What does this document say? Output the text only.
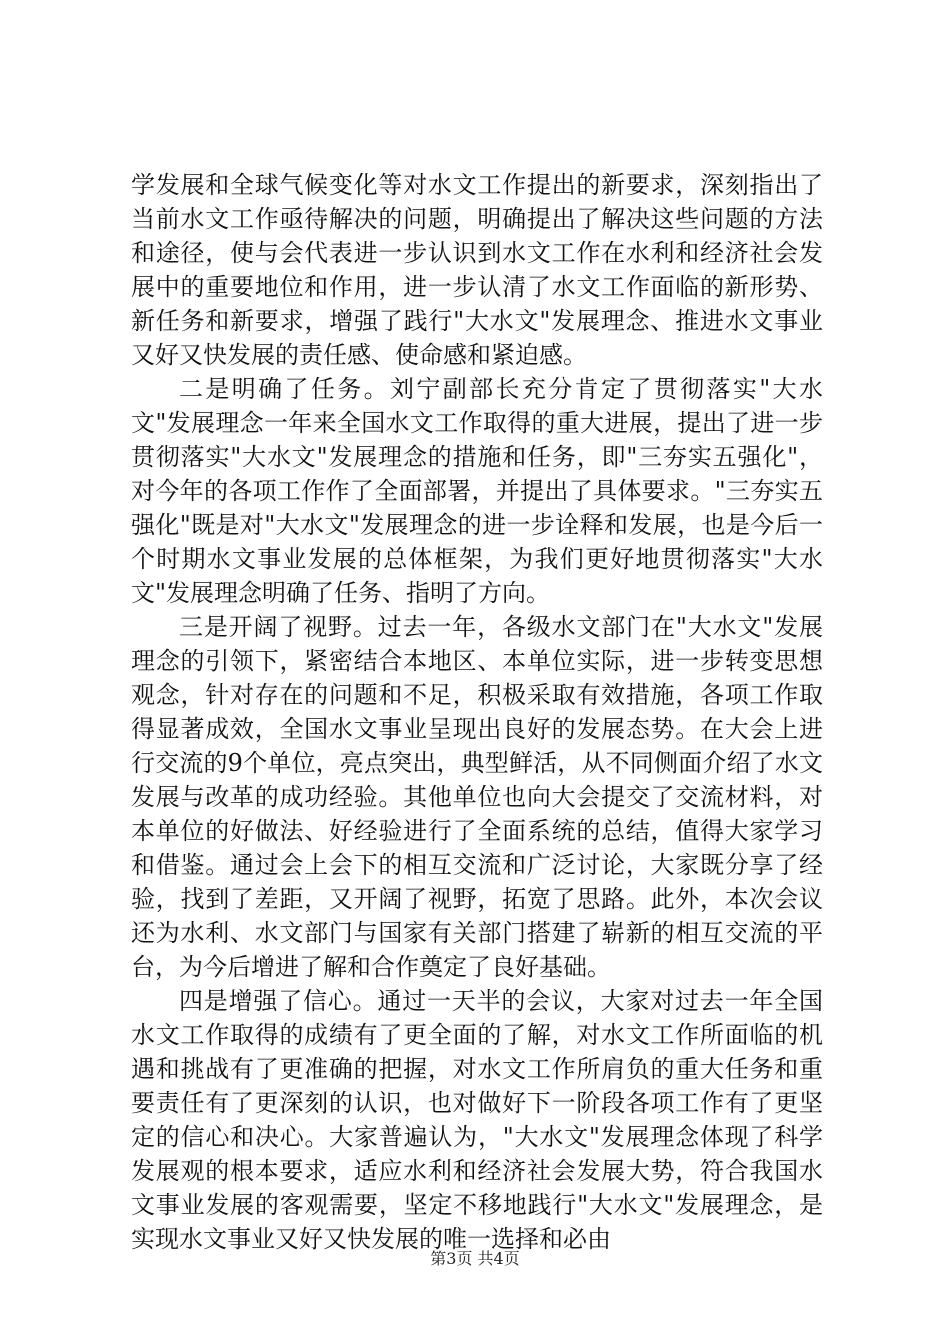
学发展和全球气候变化等对水文工作提出的新要求，深刻指出了当前水文工作亟待解决的问题，明确提出了解决这些问题的方法和途径，使与会代表进一步认识到水文工作在水利和经济社会发展中的重要地位和作用，进一步认清了水文工作面临的新形势、新任务和新要求，增强了践行"大水文"发展理念、推进水文事业又好又快发展的责任感、使命感和紧迫感。

二是明确了任务。刘宁副部长充分肯定了贯彻落实"大水文"发展理念一年来全国水文工作取得的重大进展，提出了进一步贯彻落实"大水文"发展理念的措施和任务，即"三夯实五强化"，对今年的各项工作作了全面部署，并提出了具体要求。"三夯实五强化"既是对"大水文"发展理念的进一步诠释和发展，也是今后一个时期水文事业发展的总体框架，为我们更好地贯彻落实"大水文"发展理念明确了任务、指明了方向。

三是开阔了视野。过去一年，各级水文部门在"大水文"发展理念的引领下，紧密结合本地区、本单位实际，进一步转变思想观念，针对存在的问题和不足，积极采取有效措施，各项工作取得显著成效，全国水文事业呈现出良好的发展态势。在大会上进行交流的9个单位，亮点突出，典型鲜活，从不同侧面介绍了水文发展与改革的成功经验。其他单位也向大会提交了交流材料，对本单位的好做法、好经验进行了全面系统的总结，值得大家学习和借鉴。通过会上会下的相互交流和广泛讨论，大家既分享了经验，找到了差距，又开阔了视野，拓宽了思路。此外，本次会议还为水利、水文部门与国家有关部门搭建了崭新的相互交流的平台，为今后增进了解和合作奠定了良好基础。

四是增强了信心。通过一天半的会议，大家对过去一年全国水文工作取得的成绩有了更全面的了解，对水文工作所面临的机遇和挑战有了更准确的把握，对水文工作所肩负的重大任务和重要责任有了更深刻的认识，也对做好下一阶段各项工作有了更坚定的信心和决心。大家普遍认为，"大水文"发展理念体现了科学发展观的根本要求，适应水利和经济社会发展大势，符合我国水文事业发展的客观需要，坚定不移地践行"大水文"发展理念，是实现水文事业又好又快发展的唯一选择和必由

第3页 共4页
